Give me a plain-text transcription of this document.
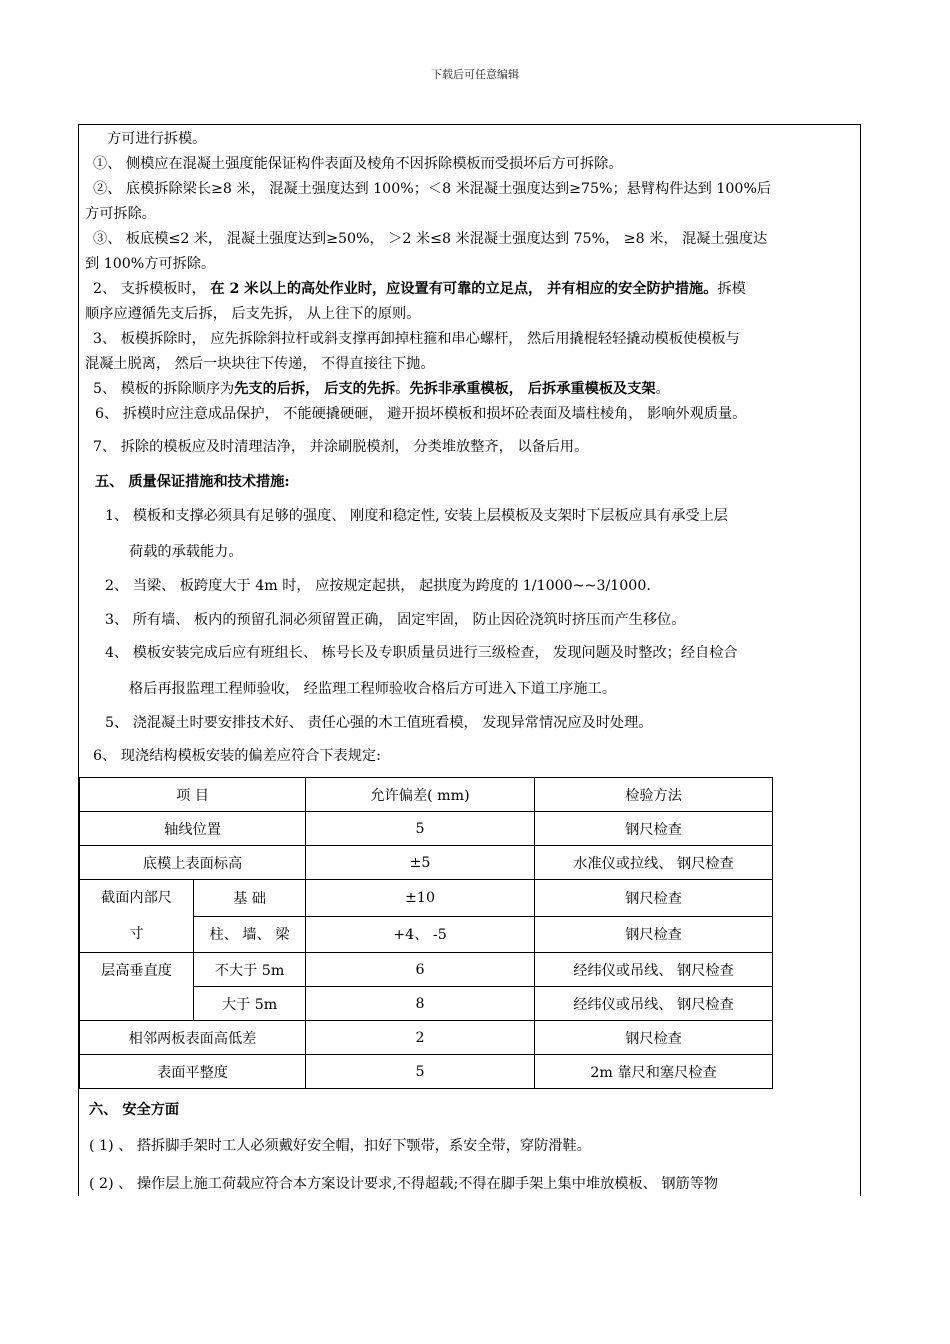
下载后可任意编辑
方可进行拆模。
①、 侧模应在混凝土强度能保证构件表面及棱角不因拆除模板而受损坏后方可拆除。
②、 底模拆除梁长≥8 米， 混凝土强度达到 100%；＜8 米混凝土强度达到≥75%；悬臂构件达到 100%后
方可拆除。
③、 板底模≤2 米， 混凝土强度达到≥50%， ＞2 米≤8 米混凝土强度达到 75%， ≥8 米， 混凝土强度达
到 100%方可拆除。
2、 支拆模板时， 在 2 米以上的高处作业时，应设置有可靠的立足点， 并有相应的安全防护措施。拆模
顺序应遵循先支后拆， 后支先拆， 从上往下的原则。
3、 板模拆除时， 应先拆除斜拉杆或斜支撑再卸掉柱箍和串心螺杆， 然后用撬棍轻轻撬动模板使模板与
混凝土脱离， 然后一块块往下传递， 不得直接往下抛。
5、 模板的拆除顺序为先支的后拆， 后支的先拆。先拆非承重模板， 后拆承重模板及支架。
6、 拆模时应注意成品保护， 不能硬撬硬砸， 避开损坏模板和损坏砼表面及墙柱棱角， 影响外观质量。
7、 拆除的模板应及时清理洁净， 并涂刷脱模剂， 分类堆放整齐， 以备后用。
五、 质量保证措施和技术措施:
1、 模板和支撑必须具有足够的强度、 刚度和稳定性, 安装上层模板及支架时下层板应具有承受上层
荷载的承载能力。
2、 当梁、 板跨度大于 4m 时， 应按规定起拱， 起拱度为跨度的 1/1000~~3/1000.
3、 所有墙、 板内的预留孔洞必须留置正确， 固定牢固， 防止因砼浇筑时挤压而产生移位。
4、 模板安装完成后应有班组长、 栋号长及专职质量员进行三级检查， 发现问题及时整改；经自检合
格后再报监理工程师验收， 经监理工程师验收合格后方可进入下道工序施工。
5、 浇混凝土时要安排技术好、 责任心强的木工值班看模， 发现异常情况应及时处理。
6、 现浇结构模板安装的偏差应符合下表规定:
项 目		允许偏差( mm)	检验方法
轴线位置		5	钢尺检查
底模上表面标高		±5	水准仪或拉线、 钢尺检查
截面内部尺
寸	基 础	±10	钢尺检查
	柱、 墙、 梁	+4、 -5	钢尺检查
层高垂直度	不大于 5m	6	经纬仪或吊线、 钢尺检查
	大于 5m	8	经纬仪或吊线、 钢尺检查
相邻两板表面高低差		2	钢尺检查
表面平整度		5	2m 靠尺和塞尺检查
六、 安全方面
( 1) 、 搭拆脚手架时工人必须戴好安全帽，扣好下颚带，系安全带，穿防滑鞋。
( 2) 、 操作层上施工荷载应符合本方案设计要求,不得超载;不得在脚手架上集中堆放模板、 钢筋等物
